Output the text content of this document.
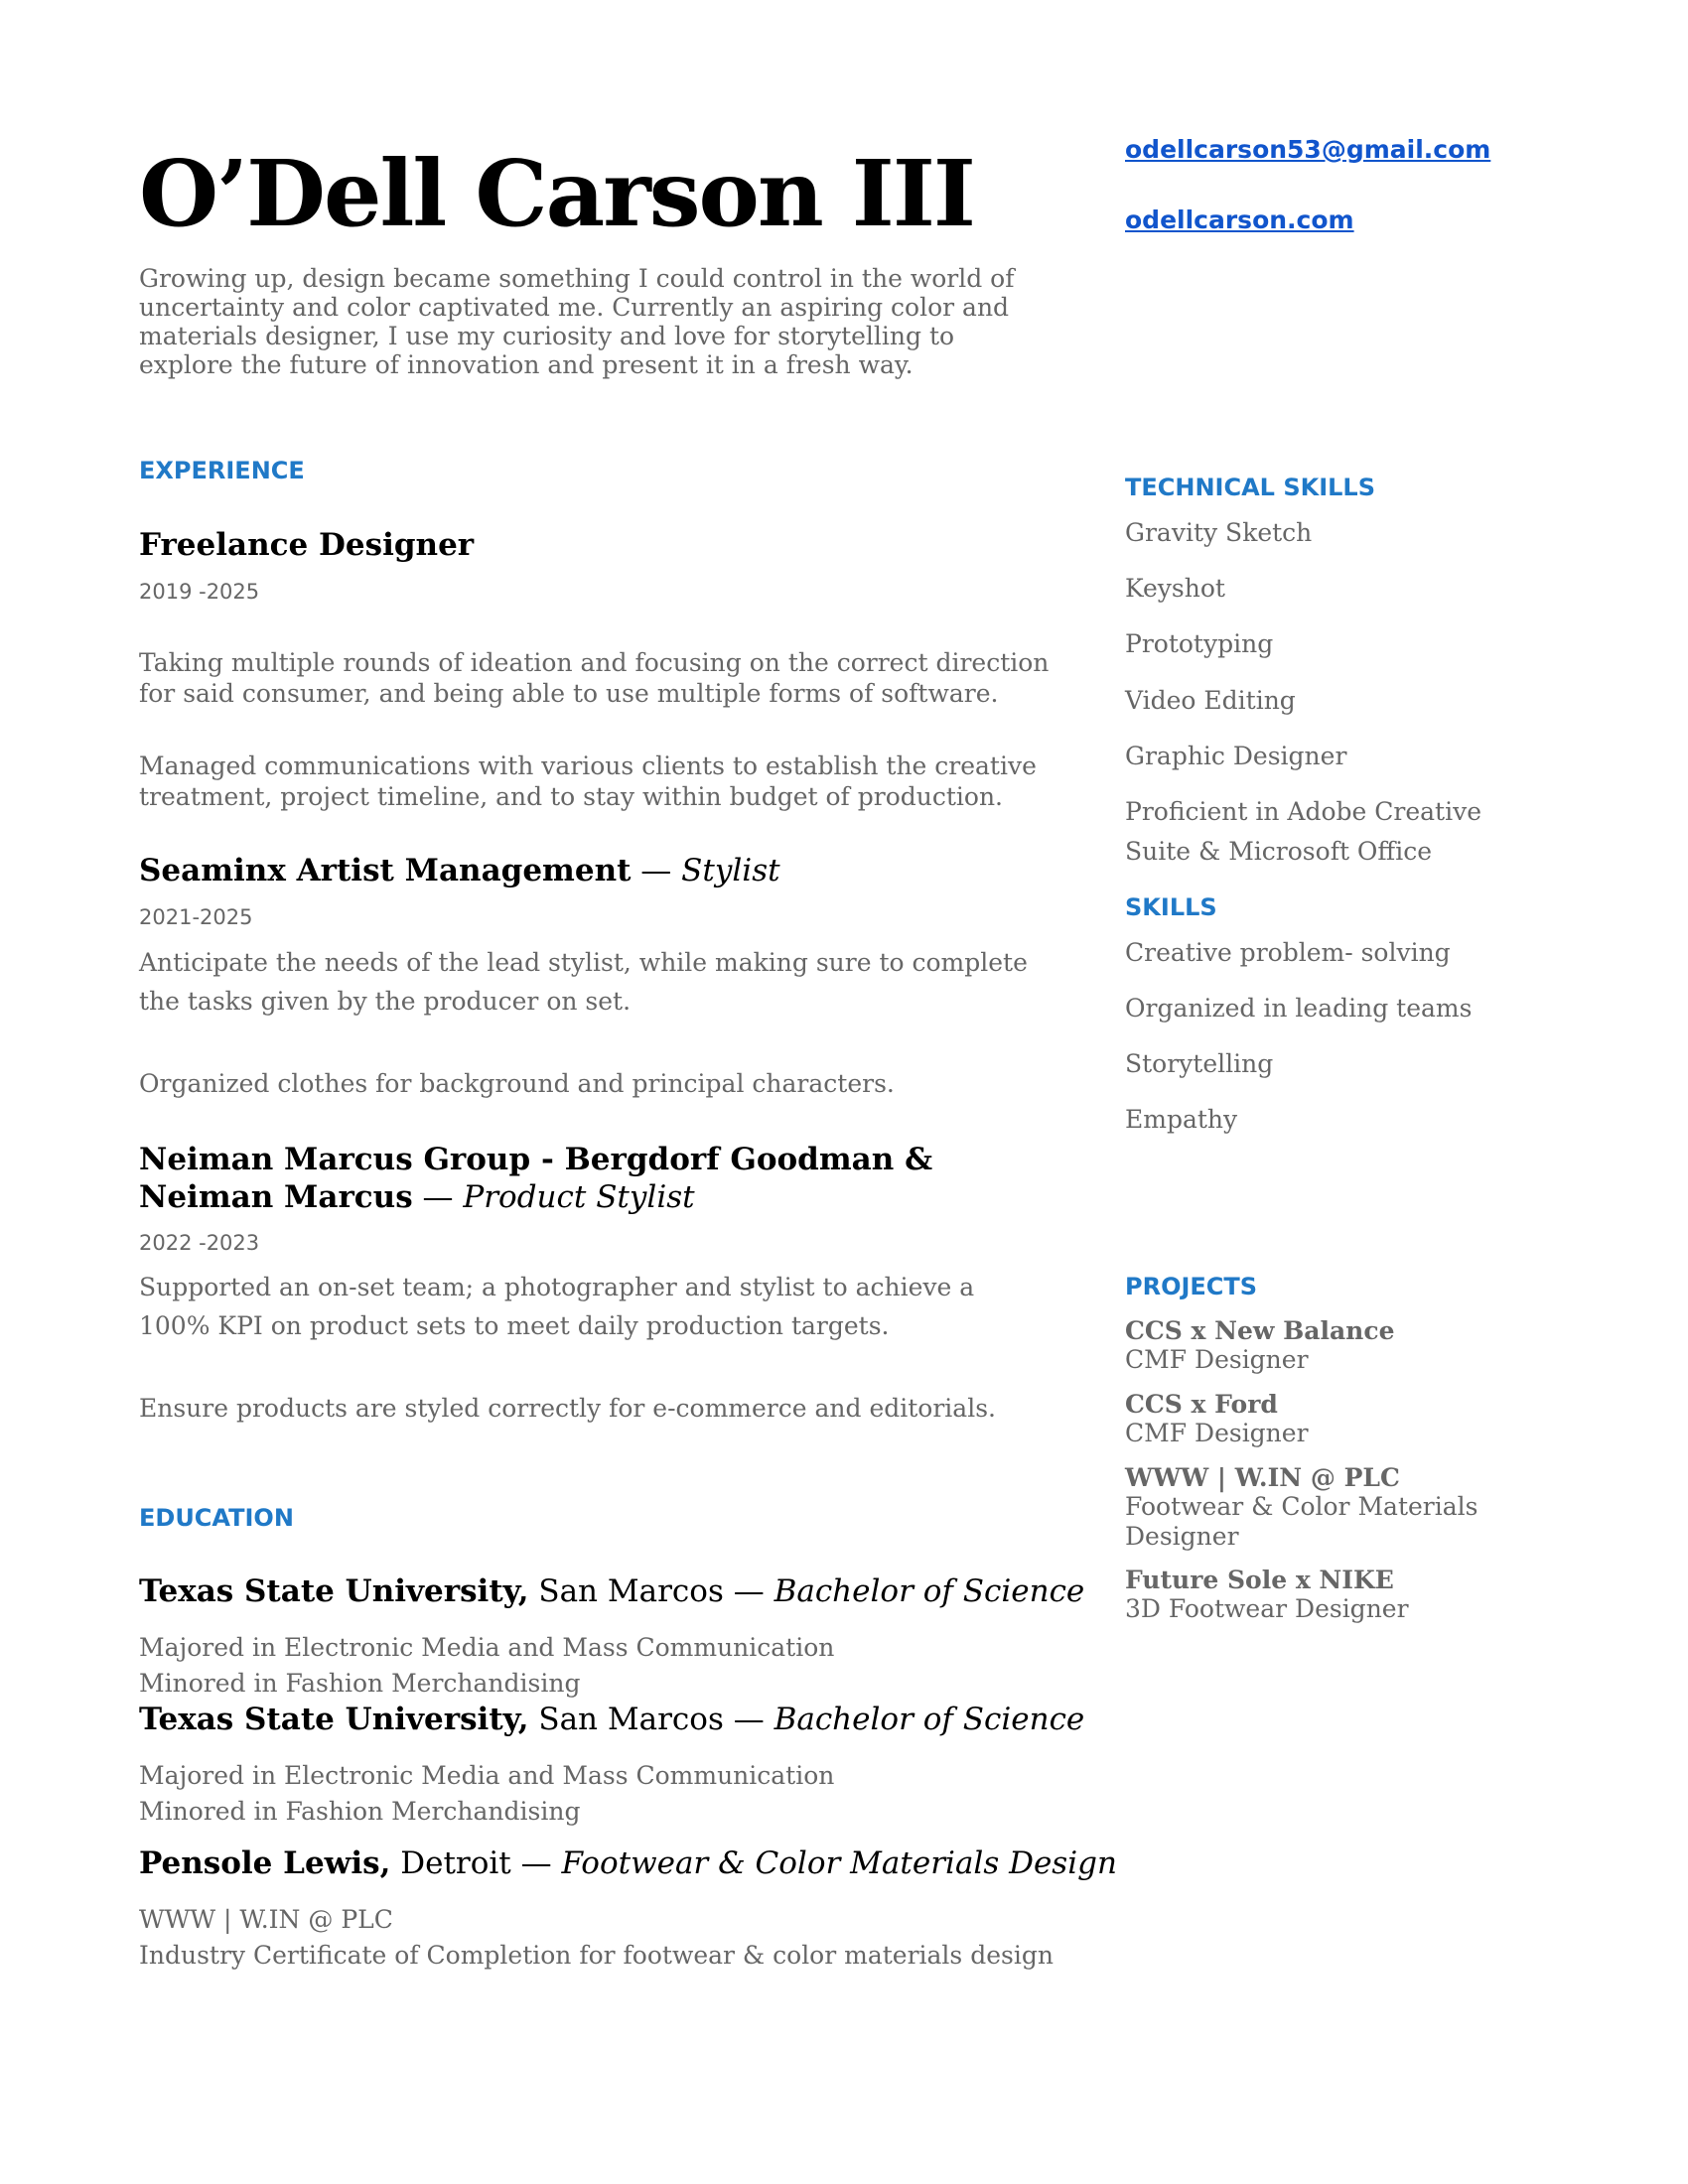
O’Dell Carson III
Growing up, design became something I could control in the world of uncertainty and color captivated me. Currently an aspiring color and materials designer, I use my curiosity and love for storytelling to explore the future of innovation and present it in a fresh way.
odellcarson53@gmail.com
odellcarson.com
EXPERIENCE
Freelance Designer
2019 -2025
Taking multiple rounds of ideation and focusing on the correct direction for said consumer, and being able to use multiple forms of software.
Managed communications with various clients to establish the creative treatment, project timeline, and to stay within budget of production.
Seaminx Artist Management — Stylist
2021-2025
Anticipate the needs of the lead stylist, while making sure to complete the tasks given by the producer on set.
Organized clothes for background and principal characters.
Neiman Marcus Group - Bergdorf Goodman & Neiman Marcus — Product Stylist
2022 -2023
Supported an on-set team; a photographer and stylist to achieve a 100% KPI on product sets to meet daily production targets.
Ensure products are styled correctly for e-commerce and editorials.
EDUCATION
Texas State University, San Marcos — Bachelor of Science
Majored in Electronic Media and Mass Communication
Minored in Fashion Merchandising
Texas State University, San Marcos — Bachelor of Science
Majored in Electronic Media and Mass Communication
Minored in Fashion Merchandising
Pensole Lewis, Detroit — Footwear & Color Materials Design
WWW | W.IN @ PLC
Industry Certificate of Completion for footwear & color materials design
TECHNICAL SKILLS
Gravity Sketch
Keyshot
Prototyping
Video Editing
Graphic Designer
Proficient in Adobe Creative Suite & Microsoft Office
SKILLS
Creative problem- solving
Organized in leading teams
Storytelling
Empathy
PROJECTS
CCS x New Balance
CMF Designer
CCS x Ford
CMF Designer
WWW | W.IN @ PLC
Footwear & Color Materials Designer
Future Sole x NIKE
3D Footwear Designer
